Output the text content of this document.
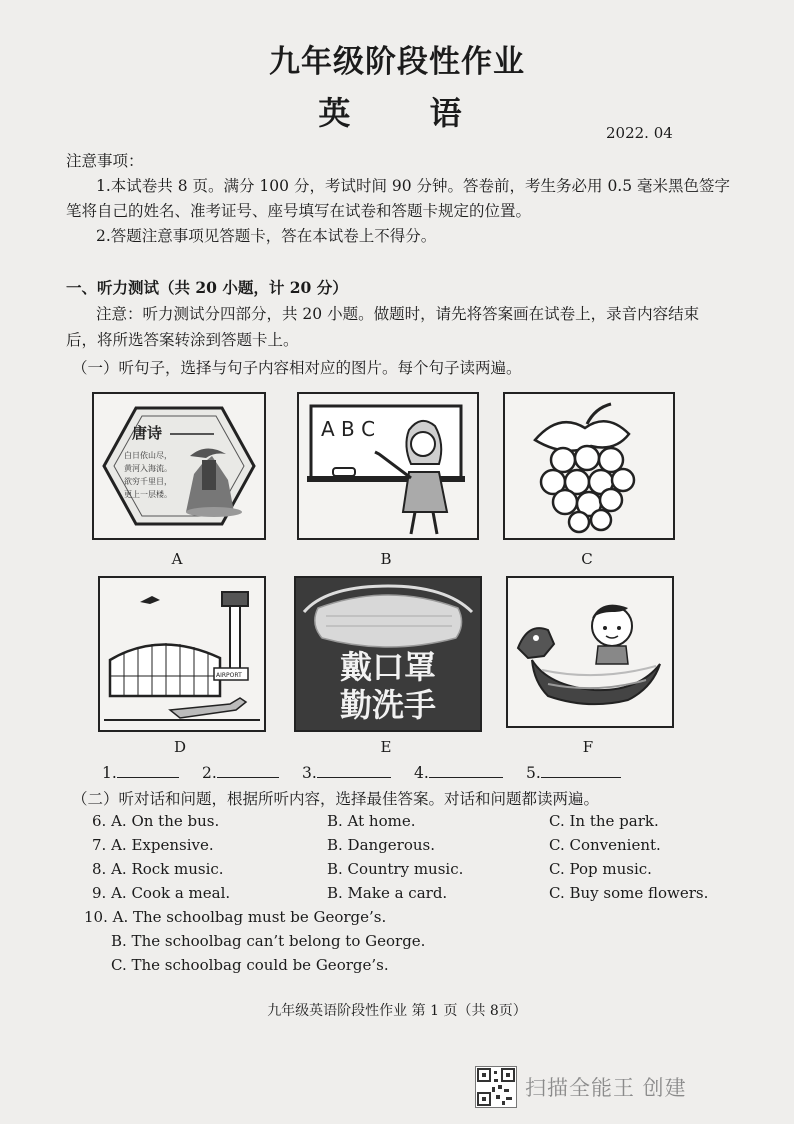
九年级阶段性作业
英 语
2022. 04
注意事项：
1.本试卷共 8 页。满分 100 分，考试时间 90 分钟。答卷前，考生务必用 0.5 毫米黑色签字
笔将自己的姓名、准考证号、座号填写在试卷和答题卡规定的位置。
2.答题注意事项见答题卡，答在本试卷上不得分。
一、听力测试（共 20 小题，计 20 分）
注意：听力测试分四部分，共 20 小题。做题时，请先将答案画在试卷上，录音内容结束
后，将所选答案转涂到答题卡上。
（一）听句子，选择与句子内容相对应的图片。每个句子读两遍。
唐诗
白日依山尽，
黄河入海流。
欲穷千里目，
更上一层楼。
A
A B C
B	C
AIRPORT
D
戴口罩
勤洗手
E	F
1.	2.	3.	4.	5.
（二）听对话和问题，根据所听内容，选择最佳答案。对话和问题都读两遍。
6. A. On the bus.	B. At home.	C. In the park.
7. A. Expensive.	B. Dangerous.	C. Convenient.
8. A. Rock music.	B. Country music.	C. Pop music.
9. A. Cook a meal.	B. Make a card.	C. Buy some flowers.
10. A. The schoolbag must be George’s.
B. The schoolbag can’t belong to George.
C. The schoolbag could be George’s.
九年级英语阶段性作业 第 1 页（共 8页）
扫描全能王 创建
